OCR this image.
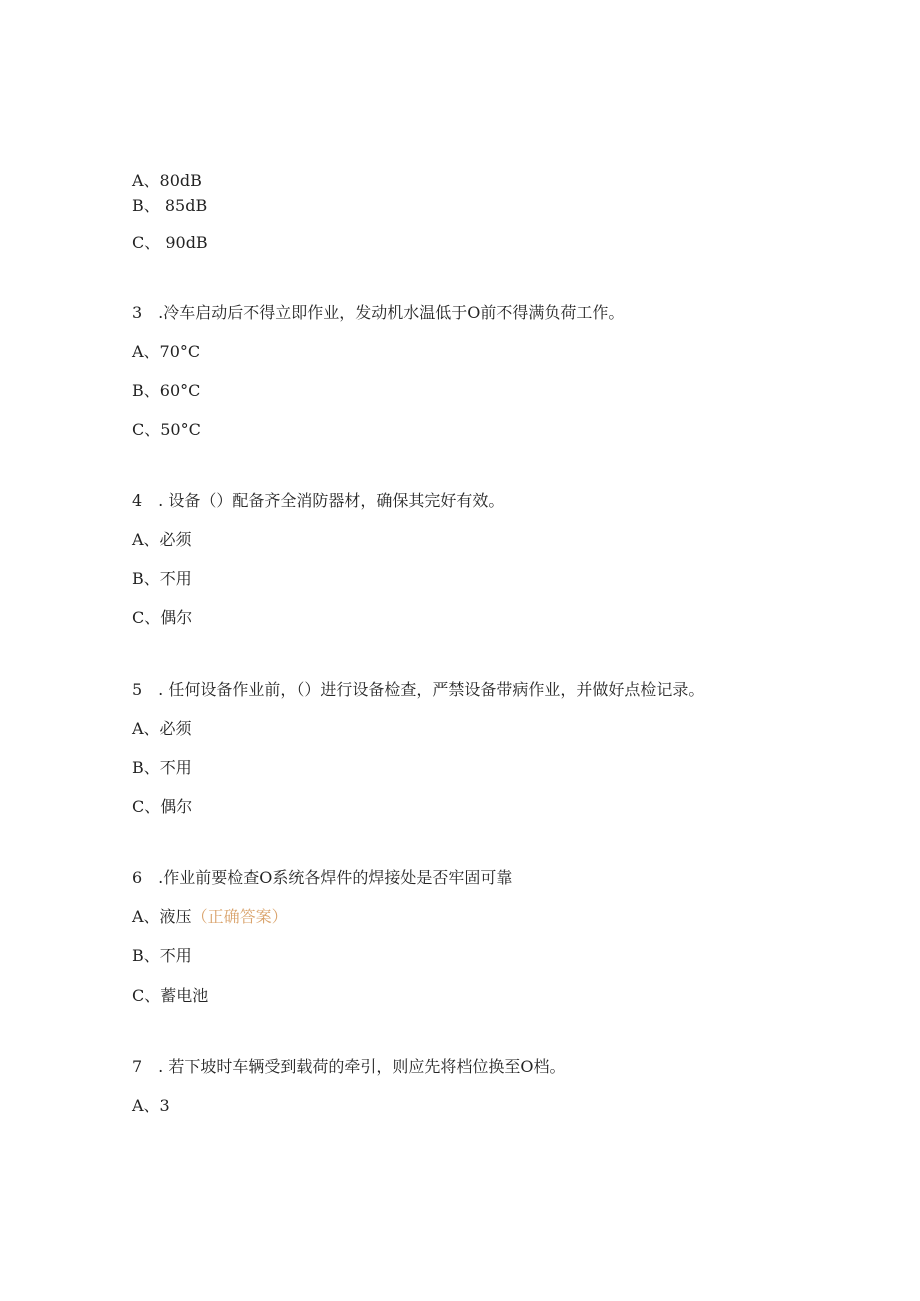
A、80dB
B、 85dB
C、 90dB
3　.冷车启动后不得立即作业，发动机水温低于O前不得满负荷工作。
A、70°C
B、60°C
C、50°C
4　. 设备（）配备齐全消防器材，确保其完好有效。
A、必须
B、不用
C、偶尔
5　. 任何设备作业前，（）进行设备检查，严禁设备带病作业，并做好点检记录。
A、必须
B、不用
C、偶尔
6　.作业前要检查O系统各焊件的焊接处是否牢固可靠
A、液压（正确答案）
B、不用
C、蓄电池
7　. 若下坡时车辆受到载荷的牵引，则应先将档位换至O档。
A、3
